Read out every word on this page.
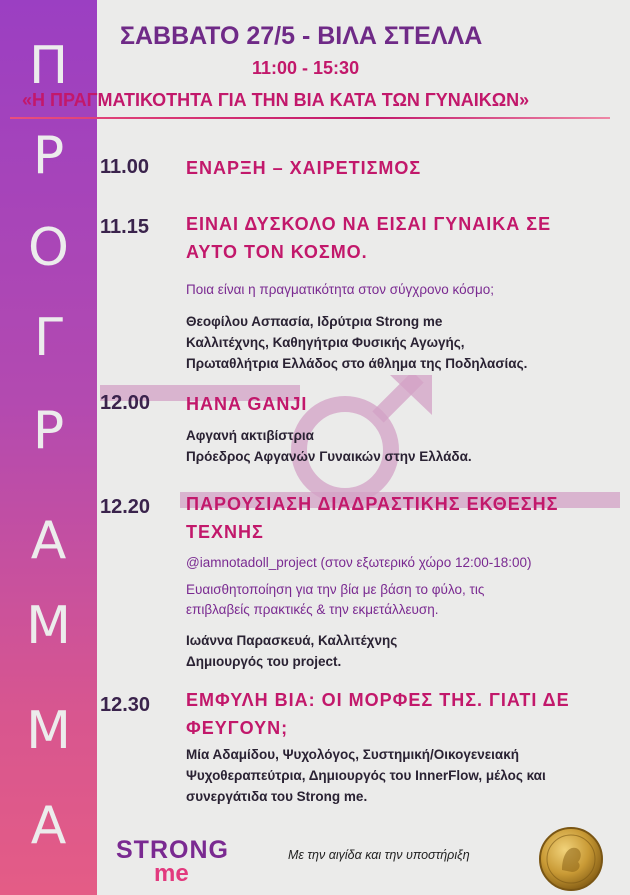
Π
Ρ
Ο
Γ
Ρ
Α
Μ
Μ
Α
ΣΑΒΒΑΤΟ 27/5 - ΒΙΛΑ ΣΤΕΛΛΑ
11:00 - 15:30
«Η ΠΡΑΓΜΑΤΙΚΟΤΗΤΑ ΓΙΑ ΤΗΝ ΒΙΑ ΚΑΤΑ ΤΩΝ ΓΥΝΑΙΚΩΝ»
11.00 ΕΝΑΡΞΗ – ΧΑΙΡΕΤΙΣΜΟΣ
11.15 ΕΙΝΑΙ ΔΥΣΚΟΛΟ ΝΑ ΕΙΣΑΙ ΓΥΝΑΙΚΑ ΣΕ
ΑΥΤΟ ΤΟΝ ΚΟΣΜΟ.
Ποια είναι η πραγματικότητα στον σύγχρονο κόσμο;
Θεοφίλου Ασπασία, Ιδρύτρια Strong me
Καλλιτέχνης, Καθηγήτρια Φυσικής Αγωγής,
Πρωταθλήτρια Ελλάδος στο άθλημα της Ποδηλασίας.
12.00 HANA GANJI
Αφγανή ακτιβίστρια
Πρόεδρος Αφγανών Γυναικών στην Ελλάδα.
12.20 ΠΑΡΟΥΣΙΑΣΗ ΔΙΑΔΡΑΣΤΙΚΗΣ ΕΚΘΕΣΗΣ
ΤΕΧΝΗΣ
@iamnotadoll_project (στον εξωτερικό χώρο 12:00-18:00)
Ευαισθητοποίηση για την βία με βάση το φύλο, τις
επιβλαβείς πρακτικές & την εκμετάλλευση.
Ιωάννα Παρασκευά, Καλλιτέχνης
Δημιουργός του project.
12.30 ΕΜΦΥΛΗ ΒΙΑ: ΟΙ ΜΟΡΦΕΣ ΤΗΣ. ΓΙΑΤΙ ΔΕ
ΦΕΥΓΟΥΝ;
Μία Αδαμίδου, Ψυχολόγος, Συστημική/Οικογενειακή
Ψυχοθεραπεύτρια, Δημιουργός του InnerFlow, μέλος και
συνεργάτιδα του Strong me.
STRONG
me
Με την αιγίδα και την υποστήριξη
